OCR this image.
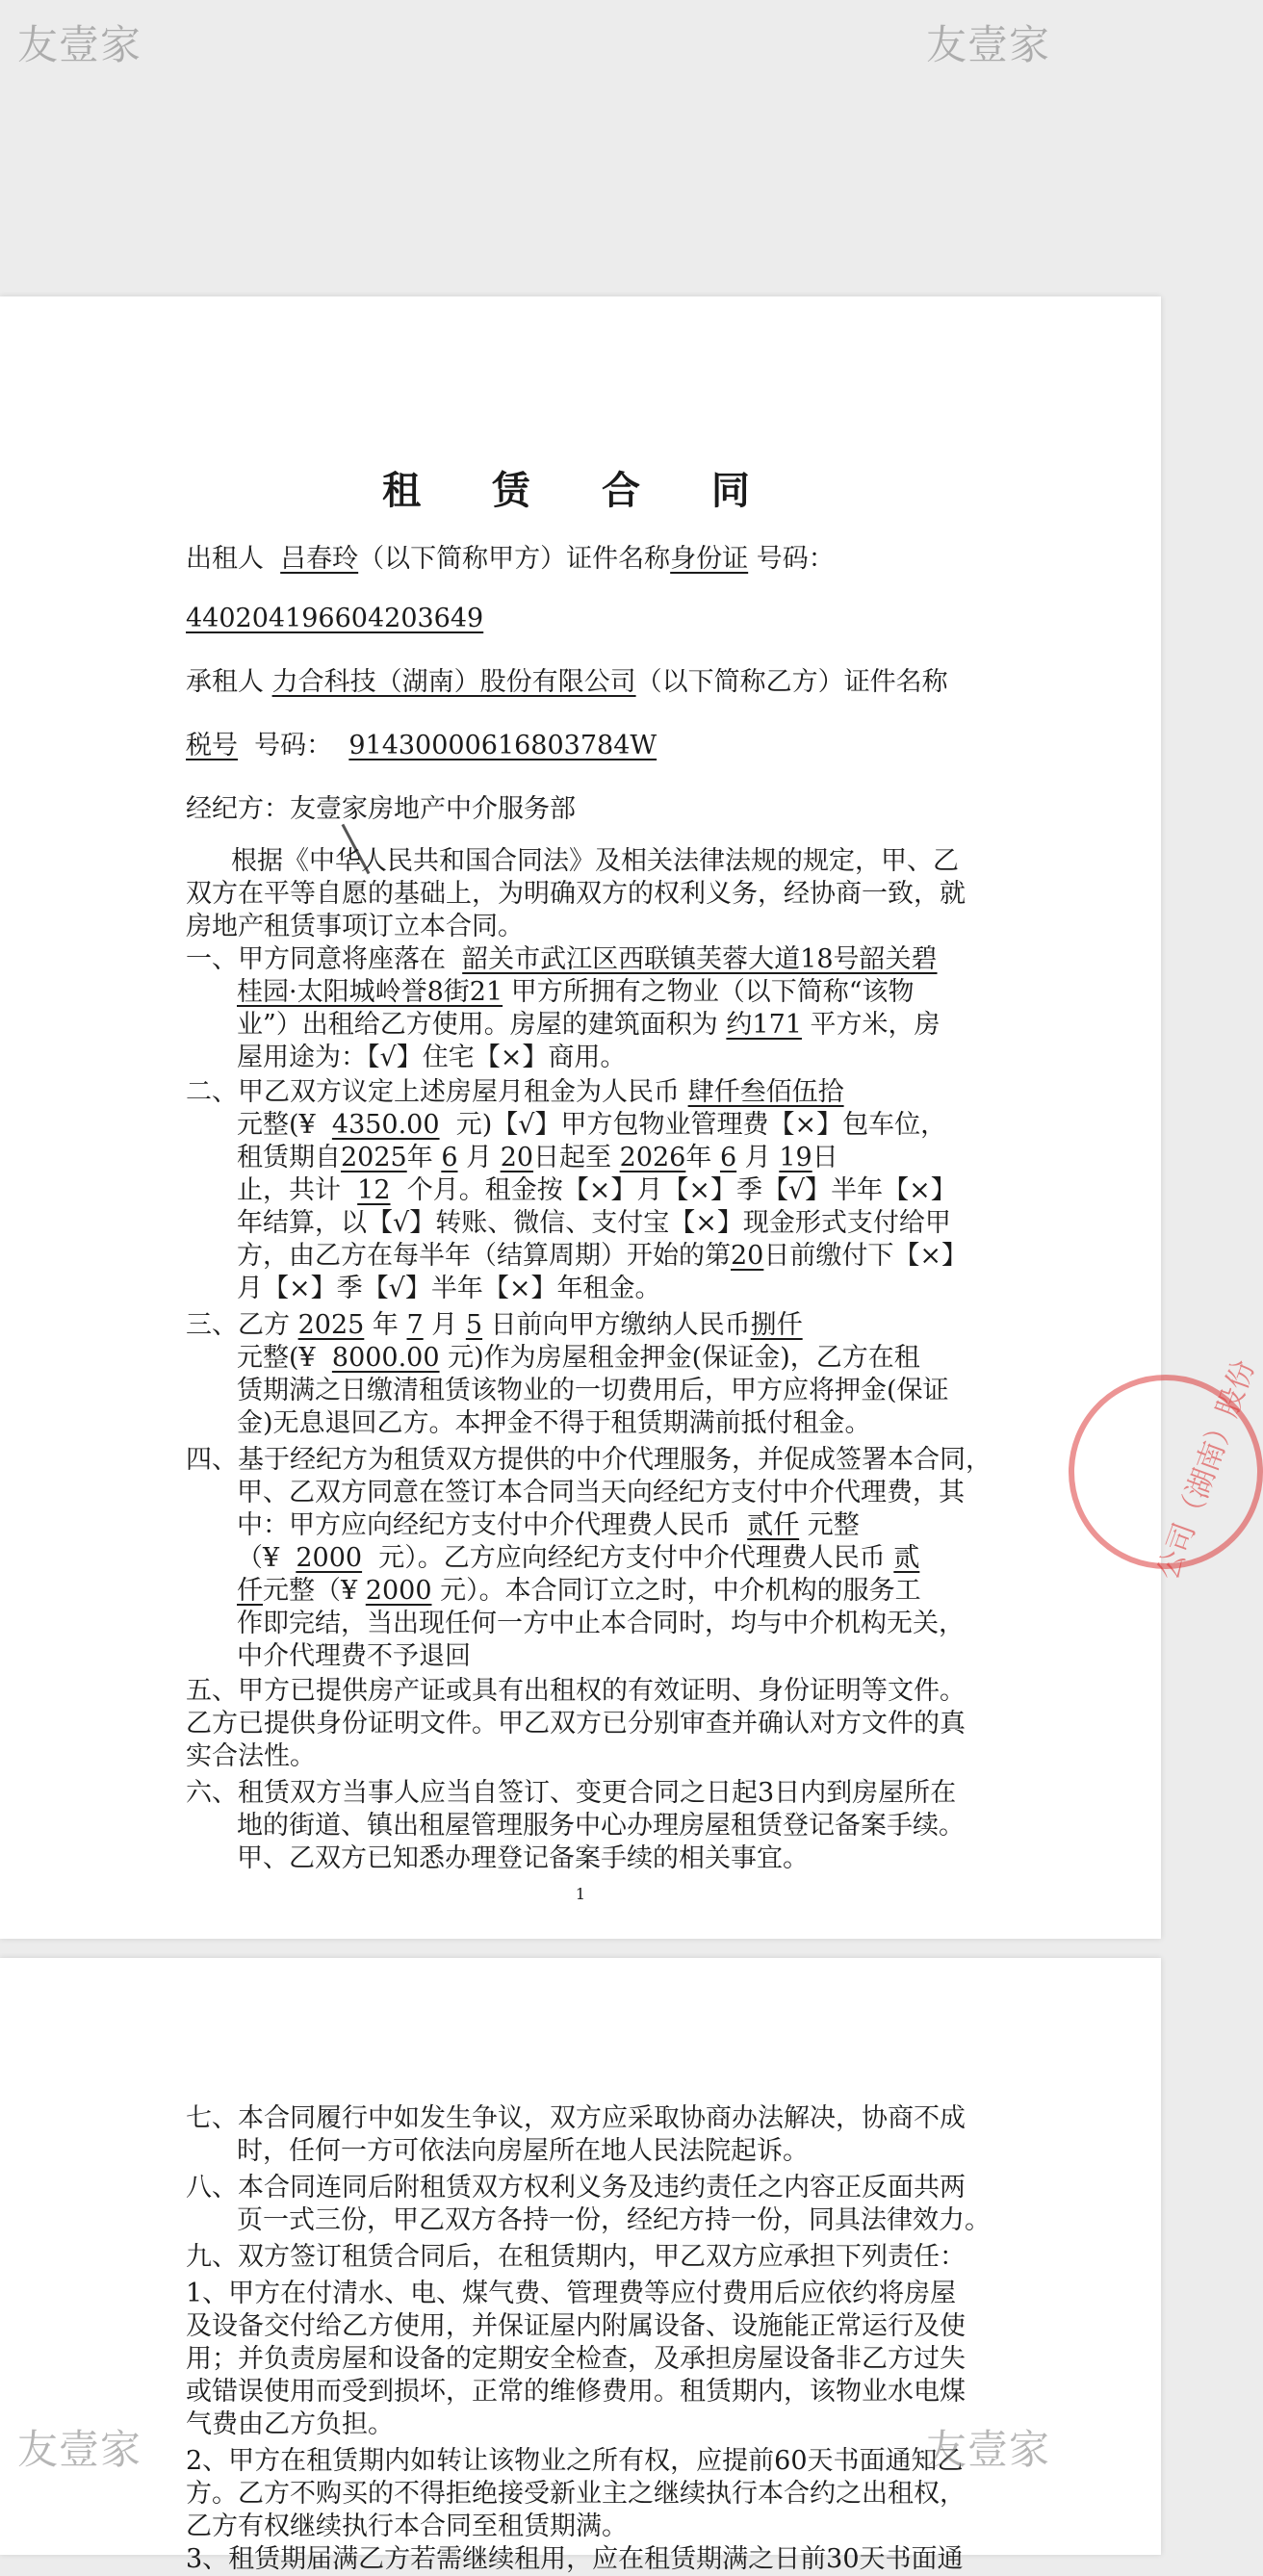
友壹家	友壹家
租 赁 合 同
出租人 吕春玲（以下简称甲方）证件名称身份证 号码：
440204196604203649
承租人 力合科技（湖南）股份有限公司（以下简称乙方）证件名称
税号 号码： 91430000616803784W
经纪方：友壹家房地产中介服务部
根据《中华人民共和国合同法》及相关法律法规的规定，甲、乙
双方在平等自愿的基础上，为明确双方的权利义务，经协商一致，就
房地产租赁事项订立本合同。
一、甲方同意将座落在 韶关市武江区西联镇芙蓉大道18号韶关碧
桂园·太阳城岭誉8街21 甲方所拥有之物业（以下简称“该物
业”）出租给乙方使用。房屋的建筑面积为 约171 平方米，房
屋用途为：【√】住宅【×】商用。
二、甲乙双方议定上述房屋月租金为人民币 肆仟叁佰伍拾
元整(¥ 4350.00 元)【√】甲方包物业管理费【×】包车位，
租赁期自2025年 6 月 20日起至 2026年 6 月 19日
止，共计 12 个月。租金按【×】月【×】季【√】半年【×】
年结算，以【√】转账、微信、支付宝【×】现金形式支付给甲
方，由乙方在每半年（结算周期）开始的第20日前缴付下【×】
月【×】季【√】半年【×】年租金。
三、乙方 2025 年 7 月 5 日前向甲方缴纳人民币捌仟
元整(¥ 8000.00 元)作为房屋租金押金(保证金)，乙方在租
赁期满之日缴清租赁该物业的一切费用后，甲方应将押金(保证
金)无息退回乙方。本押金不得于租赁期满前抵付租金。
四、基于经纪方为租赁双方提供的中介代理服务，并促成签署本合同，
甲、乙双方同意在签订本合同当天向经纪方支付中介代理费，其
中：甲方应向经纪方支付中介代理费人民币 贰仟 元整
（¥ 2000 元）。乙方应向经纪方支付中介代理费人民币 贰
仟元整（¥ 2000 元）。本合同订立之时，中介机构的服务工
作即完结，当出现任何一方中止本合同时，均与中介机构无关，
中介代理费不予退回
五、甲方已提供房产证或具有出租权的有效证明、身份证明等文件。
乙方已提供身份证明文件。甲乙双方已分别审查并确认对方文件的真
实合法性。
六、租赁双方当事人应当自签订、变更合同之日起3日内到房屋所在
地的街道、镇出租屋管理服务中心办理房屋租赁登记备案手续。
甲、乙双方已知悉办理登记备案手续的相关事宜。
1
公司（湖南）股份
七、本合同履行中如发生争议，双方应采取协商办法解决，协商不成
时，任何一方可依法向房屋所在地人民法院起诉。
八、本合同连同后附租赁双方权利义务及违约责任之内容正反面共两
页一式三份，甲乙双方各持一份，经纪方持一份，同具法律效力。
九、双方签订租赁合同后，在租赁期内，甲乙双方应承担下列责任：
1、甲方在付清水、电、煤气费、管理费等应付费用后应依约将房屋
及设备交付给乙方使用，并保证屋内附属设备、设施能正常运行及使
用；并负责房屋和设备的定期安全检查，及承担房屋设备非乙方过失
或错误使用而受到损坏，正常的维修费用。租赁期内，该物业水电煤
气费由乙方负担。
2、甲方在租赁期内如转让该物业之所有权，应提前60天书面通知乙
方。乙方不购买的不得拒绝接受新业主之继续执行本合约之出租权，
乙方有权继续执行本合同至租赁期满。
3、租赁期届满乙方若需继续租用，应在租赁期满之日前30天书面通
友壹家	友壹家
